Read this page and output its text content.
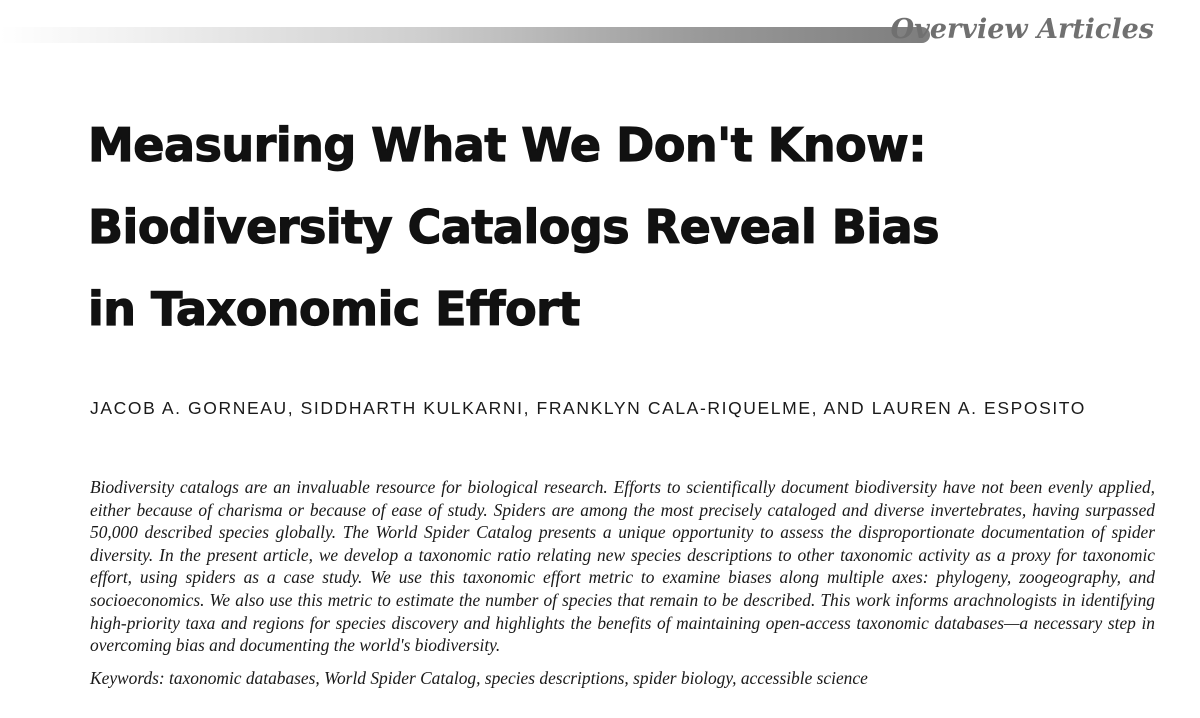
Overview Articles
Measuring What We Don't Know:
Biodiversity Catalogs Reveal Bias
in Taxonomic Effort
JACOB A. GORNEAU, SIDDHARTH KULKARNI, FRANKLYN CALA-RIQUELME, AND LAUREN A. ESPOSITO

Biodiversity catalogs are an invaluable resource for biological research. Efforts to scientifically document biodiversity have not been evenly applied, either because of charisma or because of ease of study. Spiders are among the most precisely cataloged and diverse invertebrates, having surpassed 50,000 described species globally. The World Spider Catalog presents a unique opportunity to assess the disproportionate documentation of spider diversity. In the present article, we develop a taxonomic ratio relating new species descriptions to other taxonomic activity as a proxy for taxonomic effort, using spiders as a case study. We use this taxonomic effort metric to examine biases along multiple axes: phylogeny, zoogeography, and socioeconomics. We also use this metric to estimate the number of species that remain to be described. This work informs arachnologists in identifying high-priority taxa and regions for species discovery and highlights the benefits of maintaining open-access taxonomic databases—a necessary step in overcoming bias and documenting the world's biodiversity.

Keywords: taxonomic databases, World Spider Catalog, species descriptions, spider biology, accessible science
